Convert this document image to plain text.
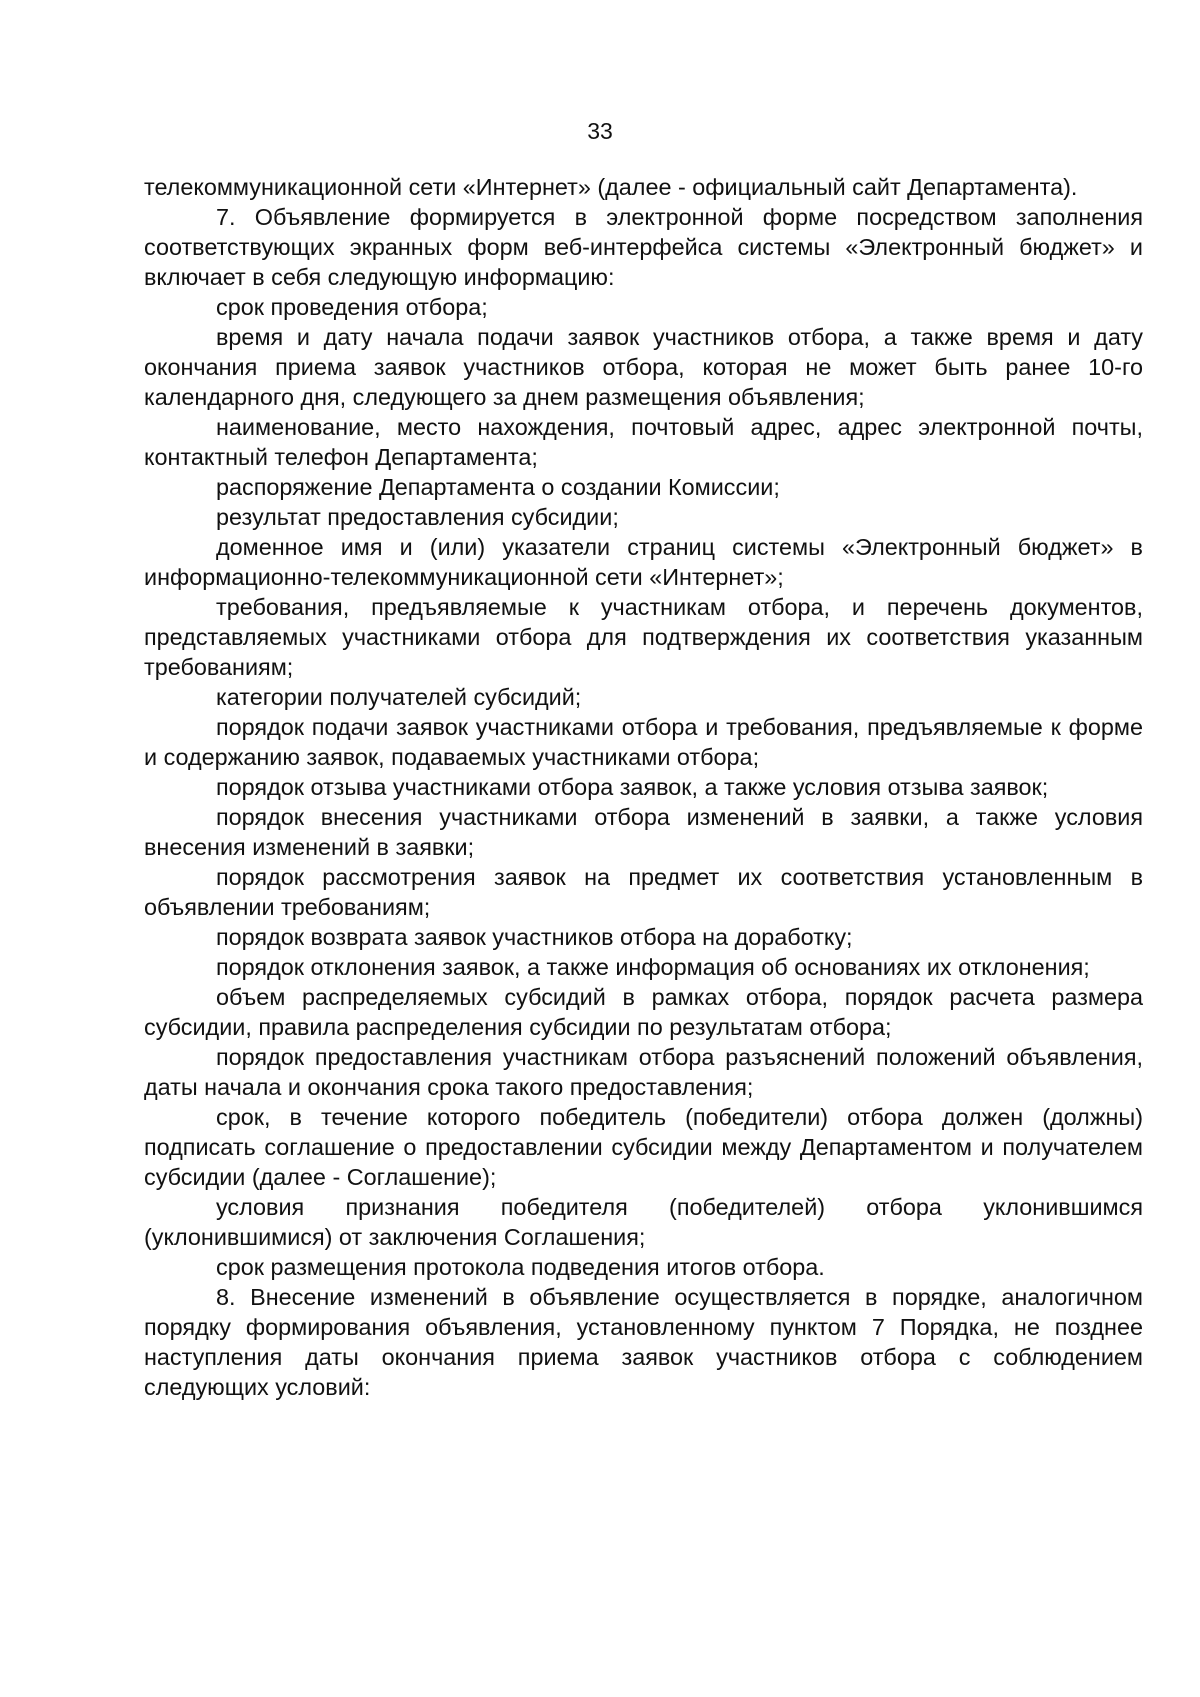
33

телекоммуникационной сети «Интернет» (далее - официальный сайт Департамента).

7. Объявление формируется в электронной форме посредством заполнения соответствующих экранных форм веб-интерфейса системы «Электронный бюджет» и включает в себя следующую информацию:

срок проведения отбора;

время и дату начала подачи заявок участников отбора, а также время и дату окончания приема заявок участников отбора, которая не может быть ранее 10-го календарного дня, следующего за днем размещения объявления;

наименование, место нахождения, почтовый адрес, адрес электронной почты, контактный телефон Департамента;

распоряжение Департамента о создании Комиссии;

результат предоставления субсидии;

доменное имя и (или) указатели страниц системы «Электронный бюджет» в информационно-телекоммуникационной сети «Интернет»;

требования, предъявляемые к участникам отбора, и перечень документов, представляемых участниками отбора для подтверждения их соответствия указанным требованиям;

категории получателей субсидий;

порядок подачи заявок участниками отбора и требования, предъявляемые к форме и содержанию заявок, подаваемых участниками отбора;

порядок отзыва участниками отбора заявок, а также условия отзыва заявок;

порядок внесения участниками отбора изменений в заявки, а также условия внесения изменений в заявки;

порядок рассмотрения заявок на предмет их соответствия установленным в объявлении требованиям;

порядок возврата заявок участников отбора на доработку;

порядок отклонения заявок, а также информация об основаниях их отклонения;

объем распределяемых субсидий в рамках отбора, порядок расчета размера субсидии, правила распределения субсидии по результатам отбора;

порядок предоставления участникам отбора разъяснений положений объявления, даты начала и окончания срока такого предоставления;

срок, в течение которого победитель (победители) отбора должен (должны) подписать соглашение о предоставлении субсидии между Департаментом и получателем субсидии (далее - Соглашение);

условия признания победителя (победителей) отбора уклонившимся (уклонившимися) от заключения Соглашения;

срок размещения протокола подведения итогов отбора.

8. Внесение изменений в объявление осуществляется в порядке, аналогичном порядку формирования объявления, установленному пунктом 7 Порядка, не позднее наступления даты окончания приема заявок участников отбора с соблюдением следующих условий:
